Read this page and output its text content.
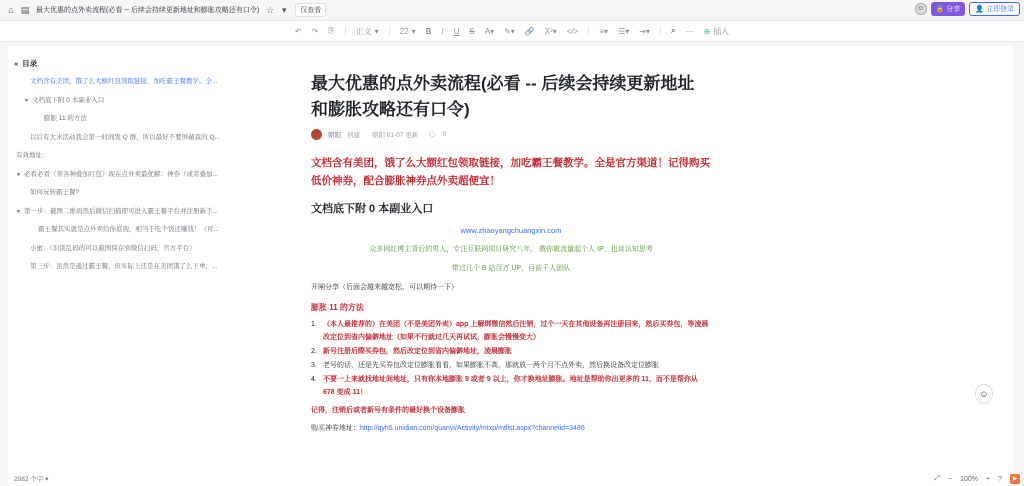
⌂ ▤ 最大优惠的点外卖流程(必看 -- 后续会持续更新地址和膨胀攻略还有口令) ☆ ▾	仅查看	☺	🔒 分享 👤 立即登录
↶ ↷ ⎘	正文 ▾	22 ▾ B I U S A▾ ✎▾ 🔗 X²▾ </>	≡▾ ☰▾ ⇥▾	⌕ ⋯ ⊕ 插入
« 目录
文档含有美团，饿了么大额红包领取链接，加吃霸王餐教学。全...
▼ 文档底下附 0 本副业入口
膨胀 11 的方法
以后有大水活动我会第一时间发 Q 群，所以最好不要屏蔽我的 Q...
有效地址：
▼ 必看必看（领各种叠加红包）现在点外卖最优解：神券（或者叠加...
如何玩转霸王餐?
▼ 第一步：截图二维码然后微信扫描即可进入霸王餐平台并注册新手...
霸王餐其实就是点外卖给你返现，相当于吃个饭还赚钱！（可...
小蜜：（识别乱码的可以截图保存到微信扫码，官方平台）
第三步：虽然是通过霸王餐，但实际上还是在美团饿了么下单，...
最大优惠的点外卖流程(必看 -- 后续会持续更新地址和膨胀攻略还有口令)
朝阳 创建 朝阳 01-07 更新 🗨 0

文档含有美团，饿了么大额红包领取链接，加吃霸王餐教学。全是官方渠道！记得购买低价神券，配合膨胀神券点外卖超便宜！

文档底下附 0 本副业入口

www.zhaoyangchuangxin.com

众多网红博主背后的男人，专注互联网项目研究八年， 教你做流量起个人 IP，也谈认知思考

带过几个 B 站百万 UP，目前千人团队

开闸分享（后面会越来越宽松，可以期待一下）

膨胀 11 的方法

1. （本人最推荐的）在美团（不是美团外卖）app 上解绑微信然后注销，过个一天在其他设备再注册回来，然后买券包，等凌晨改定位到省内偏僻地址（如果不行就过几天再试试，膨胀会慢慢变大）
2. 新号注册后際买券包，然后改定位到省内偏僻地址，凌晨膨胀
3. 老号的话，还是先买券包改定位膨胀看看，如果膨胀不高，那就放一两个月不点外卖，然后换设备改定位膨胀
4. 不要一上来就找地址间地址，只有你本地膨胀 9 或者 9 以上，你才换地址膨胀。地址是帮助你出更多的 11，而不是帮你从 678 变成 11！

记得，注销后或者新号有条件的最好换个设备膨胀

购买神券地址：http://qyh5.unidian.com/quanyi/Activity/mtxp/mtlist.aspx?channelid=3486

2082 个字 ▾
☺
⤢ − 100% + ?	▶
